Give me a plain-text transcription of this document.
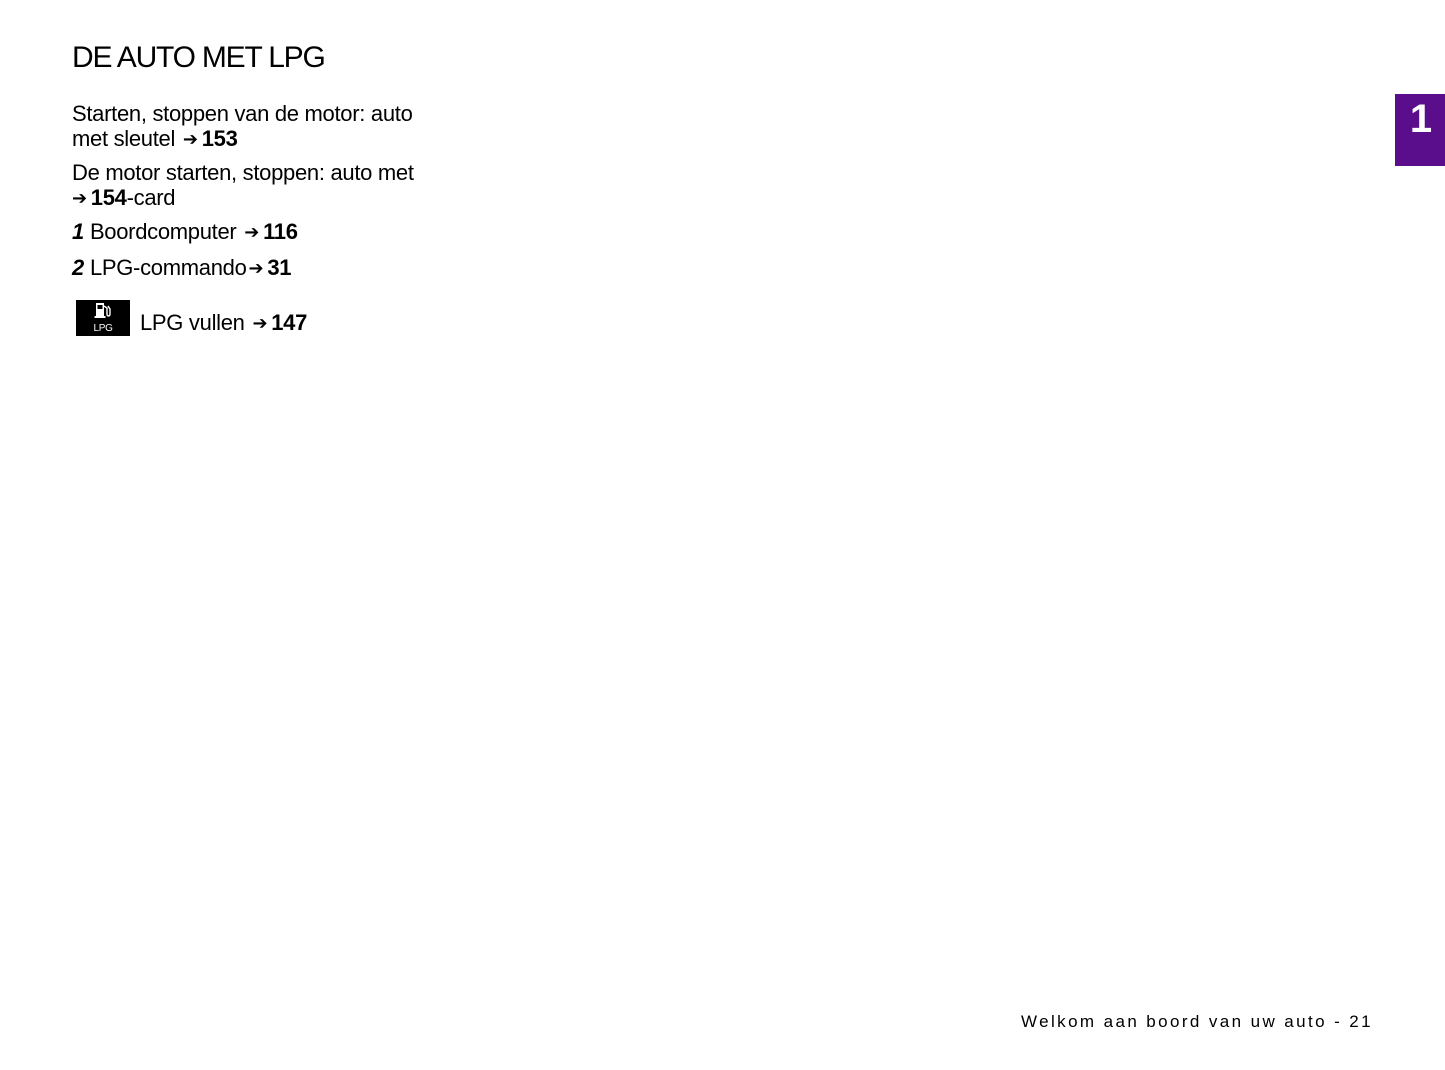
DE AUTO MET LPG

Starten, stoppen van de motor: auto
met sleutel ➔ 153

De motor starten, stoppen: auto met
➔ 154-card

1 Boordcomputer ➔ 116

2 LPG-commando ➔ 31

LPG LPG vullen ➔ 147
1
Welkom aan boord van uw auto - 21
